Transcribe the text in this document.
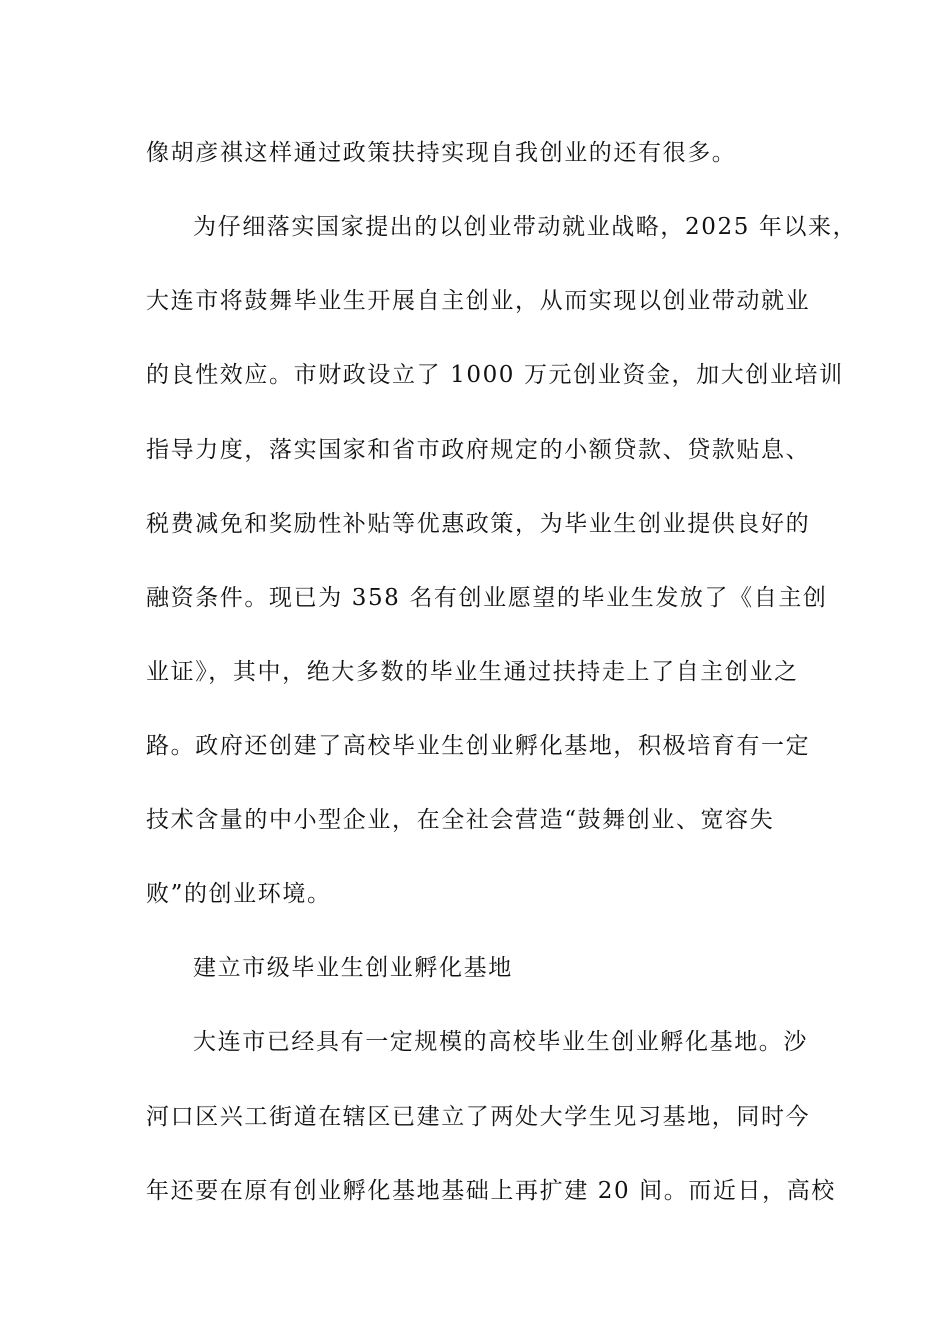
像胡彦祺这样通过政策扶持实现自我创业的还有很多。
为仔细落实国家提出的以创业带动就业战略，2025 年以来，
大连市将鼓舞毕业生开展自主创业，从而实现以创业带动就业
的良性效应。市财政设立了 1000 万元创业资金，加大创业培训
指导力度，落实国家和省市政府规定的小额贷款、贷款贴息、
税费减免和奖励性补贴等优惠政策，为毕业生创业提供良好的
融资条件。现已为 358 名有创业愿望的毕业生发放了《自主创
业证》，其中，绝大多数的毕业生通过扶持走上了自主创业之
路。政府还创建了高校毕业生创业孵化基地，积极培育有一定
技术含量的中小型企业，在全社会营造“鼓舞创业、宽容失
败”的创业环境。
建立市级毕业生创业孵化基地
大连市已经具有一定规模的高校毕业生创业孵化基地。沙
河口区兴工街道在辖区已建立了两处大学生见习基地，同时今
年还要在原有创业孵化基地基础上再扩建 20 间。而近日，高校
